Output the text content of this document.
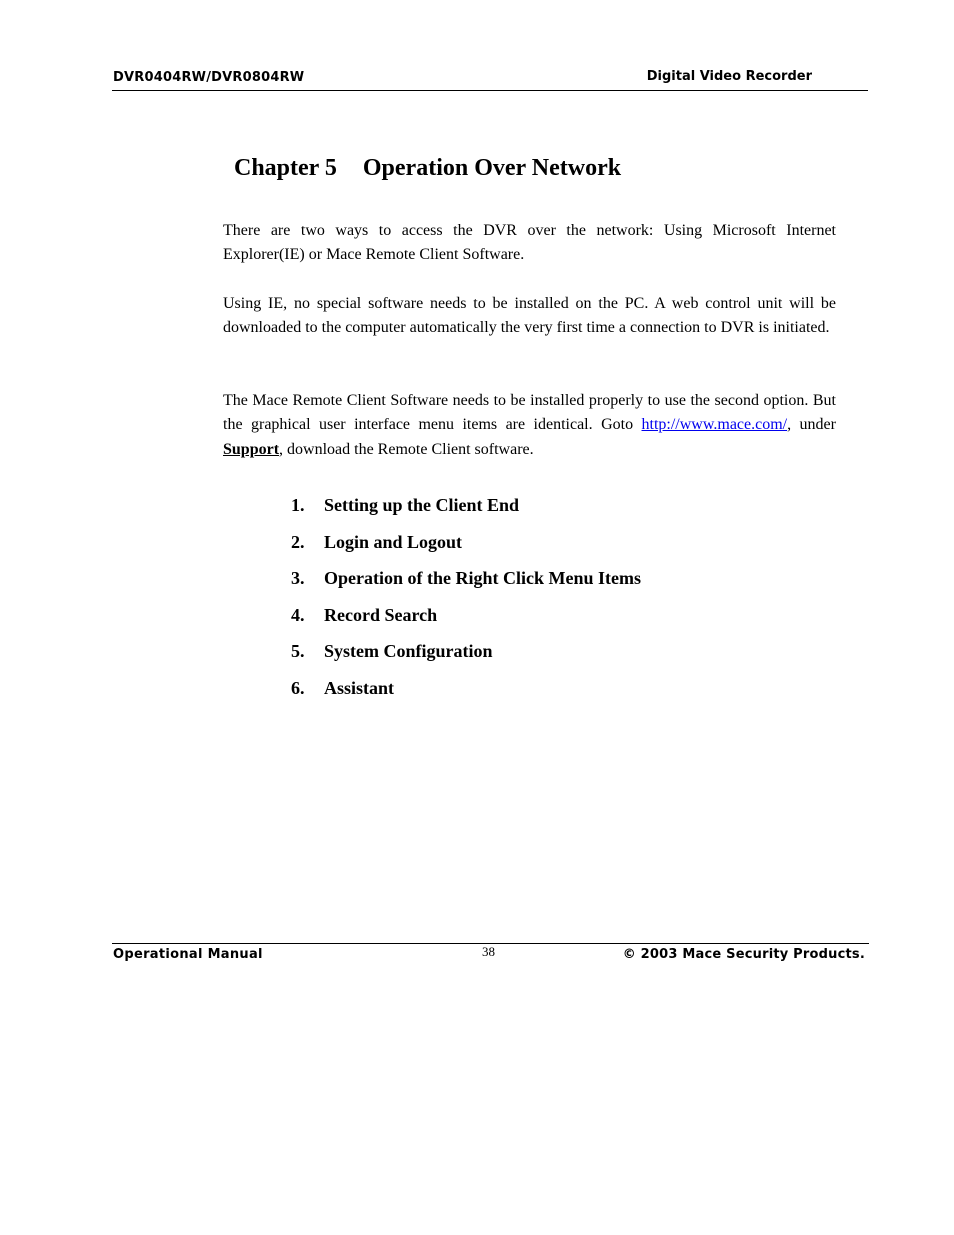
DVR0404RW/DVR0804RW	Digital Video Recorder
Chapter 5 Operation Over Network

There are two ways to access the DVR over the network: Using Microsoft Internet Explorer(IE) or Mace Remote Client Software.

Using IE, no special software needs to be installed on the PC. A web control unit will be downloaded to the computer automatically the very first time a connection to DVR is initiated.

The Mace Remote Client Software needs to be installed properly to use the second option. But the graphical user interface menu items are identical. Goto http://www.mace.com/, under Support, download the Remote Client software.

1. Setting up the Client End
2. Login and Logout
3. Operation of the Right Click Menu Items
4. Record Search
5. System Configuration
6. Assistant
Operational Manual	38	© 2003 Mace Security Products.
